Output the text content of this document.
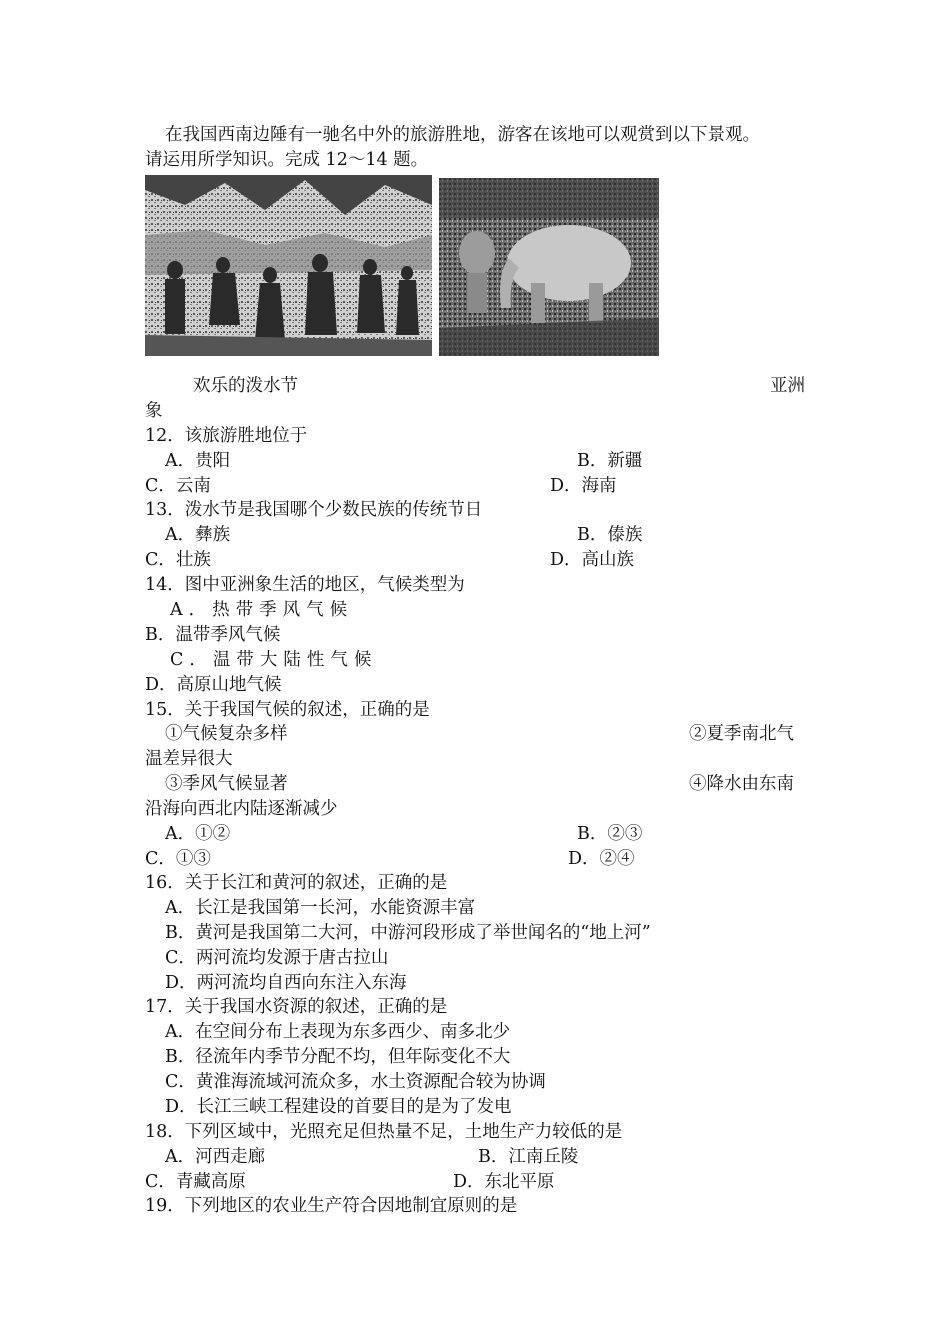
在我国西南边陲有一驰名中外的旅游胜地，游客在该地可以观赏到以下景观。
请运用所学知识。完成 12～14 题。
欢乐的泼水节	亚洲
象
12．该旅游胜地位于
A．贵阳	B．新疆
C．云南	D．海南
13．泼水节是我国哪个少数民族的传统节日
A．彝族	B．傣族
C．壮族	D．高山族
14．图中亚洲象生活的地区，气候类型为
A．热带季风气候
B．温带季风气候
C．温带大陆性气候
D．高原山地气候
15．关于我国气候的叙述，正确的是
①气候复杂多样	②夏季南北气
温差异很大
③季风气候显著	④降水由东南
沿海向西北内陆逐渐减少
A．①②	B．②③
C．①③	D．②④
16．关于长江和黄河的叙述，正确的是
A．长江是我国第一长河，水能资源丰富
B．黄河是我国第二大河，中游河段形成了举世闻名的“地上河”
C．两河流均发源于唐古拉山
D．两河流均自西向东注入东海
17．关于我国水资源的叙述，正确的是
A．在空间分布上表现为东多西少、南多北少
B．径流年内季节分配不均，但年际变化不大
C．黄淮海流域河流众多，水土资源配合较为协调
D．长江三峡工程建设的首要目的是为了发电
18．下列区域中，光照充足但热量不足，土地生产力较低的是
A．河西走廊	B．江南丘陵
C．青藏高原	D．东北平原
19．下列地区的农业生产符合因地制宜原则的是
